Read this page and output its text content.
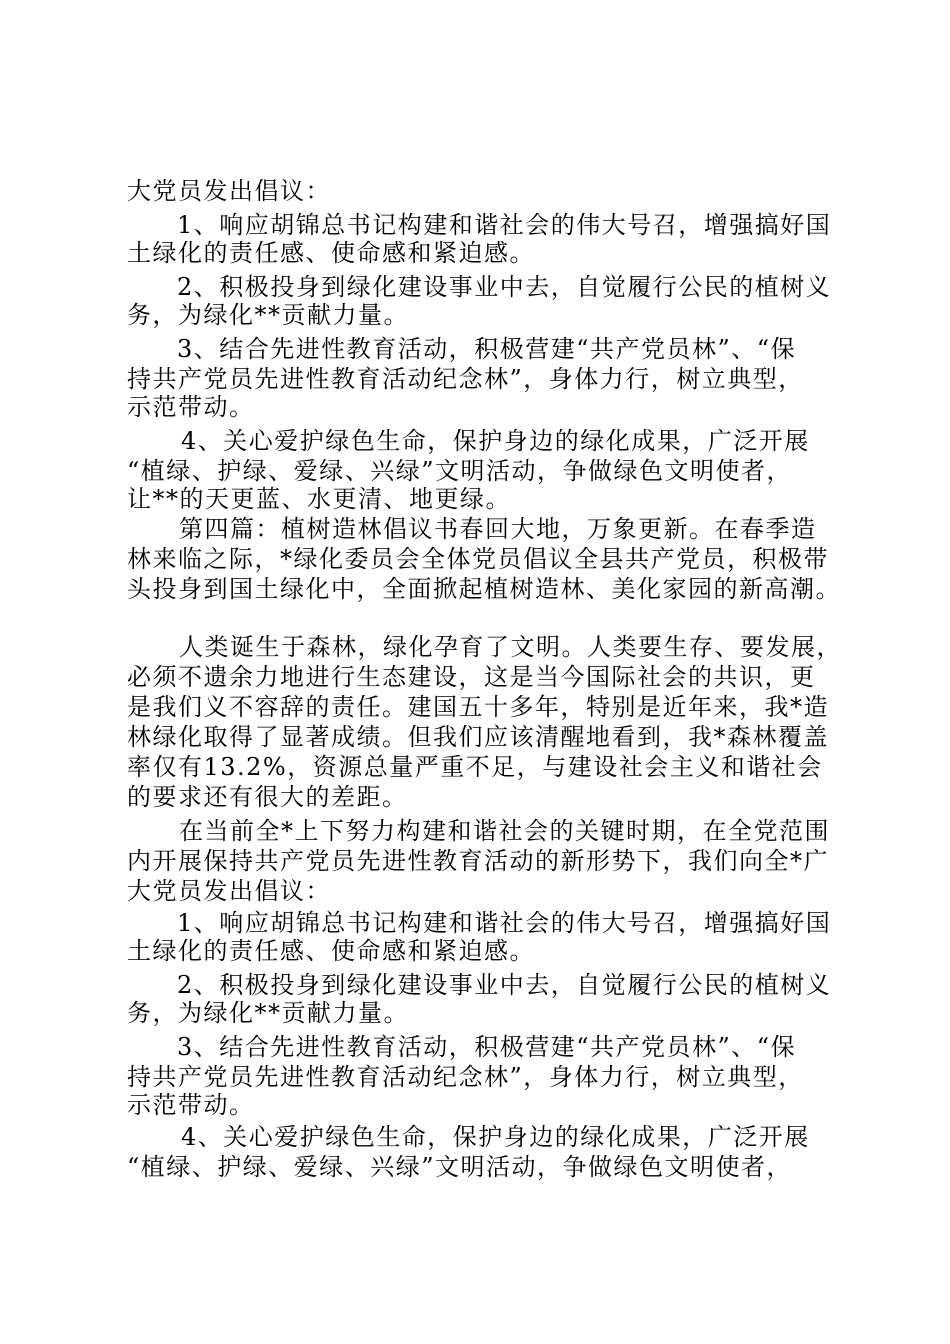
大党员发出倡议：
1、响应胡锦总书记构建和谐社会的伟大号召，增强搞好国
土绿化的责任感、使命感和紧迫感。
2、积极投身到绿化建设事业中去，自觉履行公民的植树义
务，为绿化**贡献力量。
3、结合先进性教育活动，积极营建“共产党员林”、“保
持共产党员先进性教育活动纪念林”，身体力行，树立典型，
示范带动。
4、关心爱护绿色生命，保护身边的绿化成果，广泛开展
“植绿、护绿、爱绿、兴绿”文明活动，争做绿色文明使者，
让**的天更蓝、水更清、地更绿。
第四篇：植树造林倡议书春回大地，万象更新。在春季造
林来临之际，*绿化委员会全体党员倡议全县共产党员，积极带
头投身到国土绿化中，全面掀起植树造林、美化家园的新高潮。
人类诞生于森林，绿化孕育了文明。人类要生存、要发展，
必须不遗余力地进行生态建设，这是当今国际社会的共识，更
是我们义不容辞的责任。建国五十多年，特别是近年来，我*造
林绿化取得了显著成绩。但我们应该清醒地看到，我*森林覆盖
率仅有13.2%，资源总量严重不足，与建设社会主义和谐社会
的要求还有很大的差距。
在当前全*上下努力构建和谐社会的关键时期，在全党范围
内开展保持共产党员先进性教育活动的新形势下，我们向全*广
大党员发出倡议：
1、响应胡锦总书记构建和谐社会的伟大号召，增强搞好国
土绿化的责任感、使命感和紧迫感。
2、积极投身到绿化建设事业中去，自觉履行公民的植树义
务，为绿化**贡献力量。
3、结合先进性教育活动，积极营建“共产党员林”、“保
持共产党员先进性教育活动纪念林”，身体力行，树立典型，
示范带动。
4、关心爱护绿色生命，保护身边的绿化成果，广泛开展
“植绿、护绿、爱绿、兴绿”文明活动，争做绿色文明使者，
